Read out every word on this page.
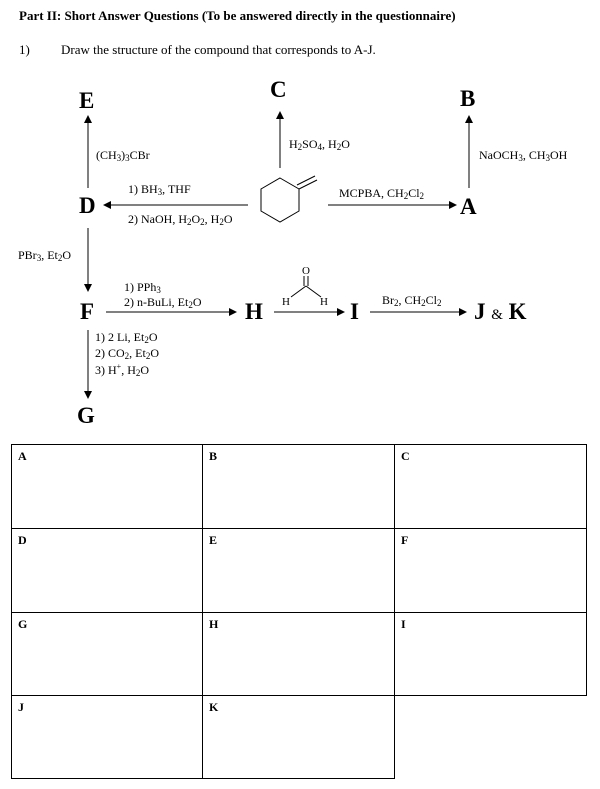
Part II: Short Answer Questions (To be answered directly in the questionnaire)
1) Draw the structure of the compound that corresponds to A-J.
O
H	H
E	C	B
D	A
F	H	I	J & K
G
$(CH_3)_3CBr$
$H_2SO_4$, $H_2O$
NaOCH$_3$, $CH_3OH$
1) $BH_3$, THF
2) NaOH, $H_2O_2$, $H_2O$
MCPBA, $CH_2Cl_2$
PBr$_3$, $Et_2O$
1) PPh$_3$
2) n-BuLi, $Et_2O$	$Br_2$, $CH_2Cl_2$
1) 2 Li, $Et_2O$
2) $CO_2$, $Et_2O$
3) H+, $H_2O$
A	B	C
D	E	F
G	H	I
J	K
